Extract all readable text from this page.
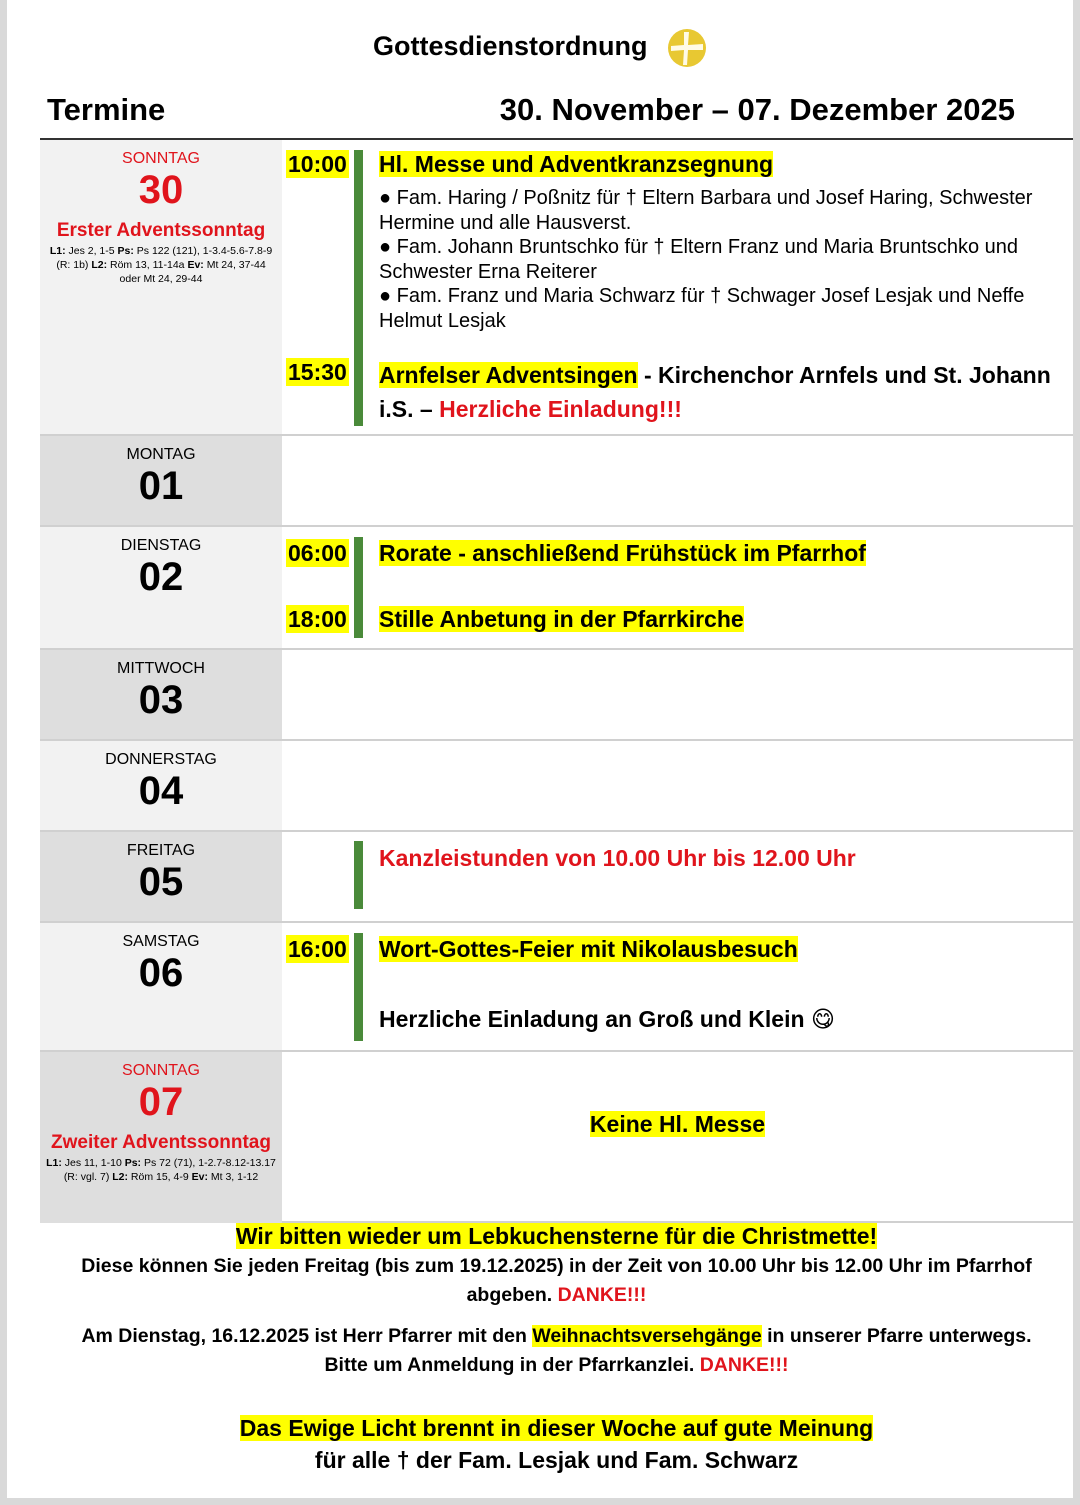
Gottesdienstordnung
Termine	30. November – 07. Dezember 2025
SONNTAG
30
Erster Adventssonntag
L1: Jes 2, 1-5 Ps: Ps 122 (121), 1-3.4-5.6-7.8-9 (R: 1b) L2: Röm 13, 11-14a Ev: Mt 24, 37-44 oder Mt 24, 29-44
10:00
15:30
Hl. Messe und Adventkranzsegnung
● Fam. Haring / Poßnitz für † Eltern Barbara und Josef Haring, Schwester Hermine und alle Hausverst.
● Fam. Johann Bruntschko für † Eltern Franz und Maria Bruntschko und Schwester Erna Reiterer
● Fam. Franz und Maria Schwarz für † Schwager Josef Lesjak und Neffe Helmut Lesjak
Arnfelser Adventsingen - Kirchenchor Arnfels und St. Johann i.S. – Herzliche Einladung!!!
MONTAG
01
DIENSTAG
02
06:00
18:00
Rorate - anschließend Frühstück im Pfarrhof
Stille Anbetung in der Pfarrkirche
MITTWOCH
03
DONNERSTAG
04
FREITAG
05
Kanzleistunden von 10.00 Uhr bis 12.00 Uhr
SAMSTAG
06
16:00 Wort-Gottes-Feier mit Nikolausbesuch
Herzliche Einladung an Groß und Klein 😋
SONNTAG
07
Zweiter Adventssonntag
L1: Jes 11, 1-10 Ps: Ps 72 (71), 1-2.7-8.12-13.17 (R: vgl. 7) L2: Röm 15, 4-9 Ev: Mt 3, 1-12
Keine Hl. Messe
Wir bitten wieder um Lebkuchensterne für die Christmette!
Diese können Sie jeden Freitag (bis zum 19.12.2025) in der Zeit von 10.00 Uhr bis 12.00 Uhr im Pfarrhof abgeben. DANKE!!!
Am Dienstag, 16.12.2025 ist Herr Pfarrer mit den Weihnachtsversehgänge in unserer Pfarre unterwegs. Bitte um Anmeldung in der Pfarrkanzlei. DANKE!!!
Das Ewige Licht brennt in dieser Woche auf gute Meinung
für alle † der Fam. Lesjak und Fam. Schwarz
